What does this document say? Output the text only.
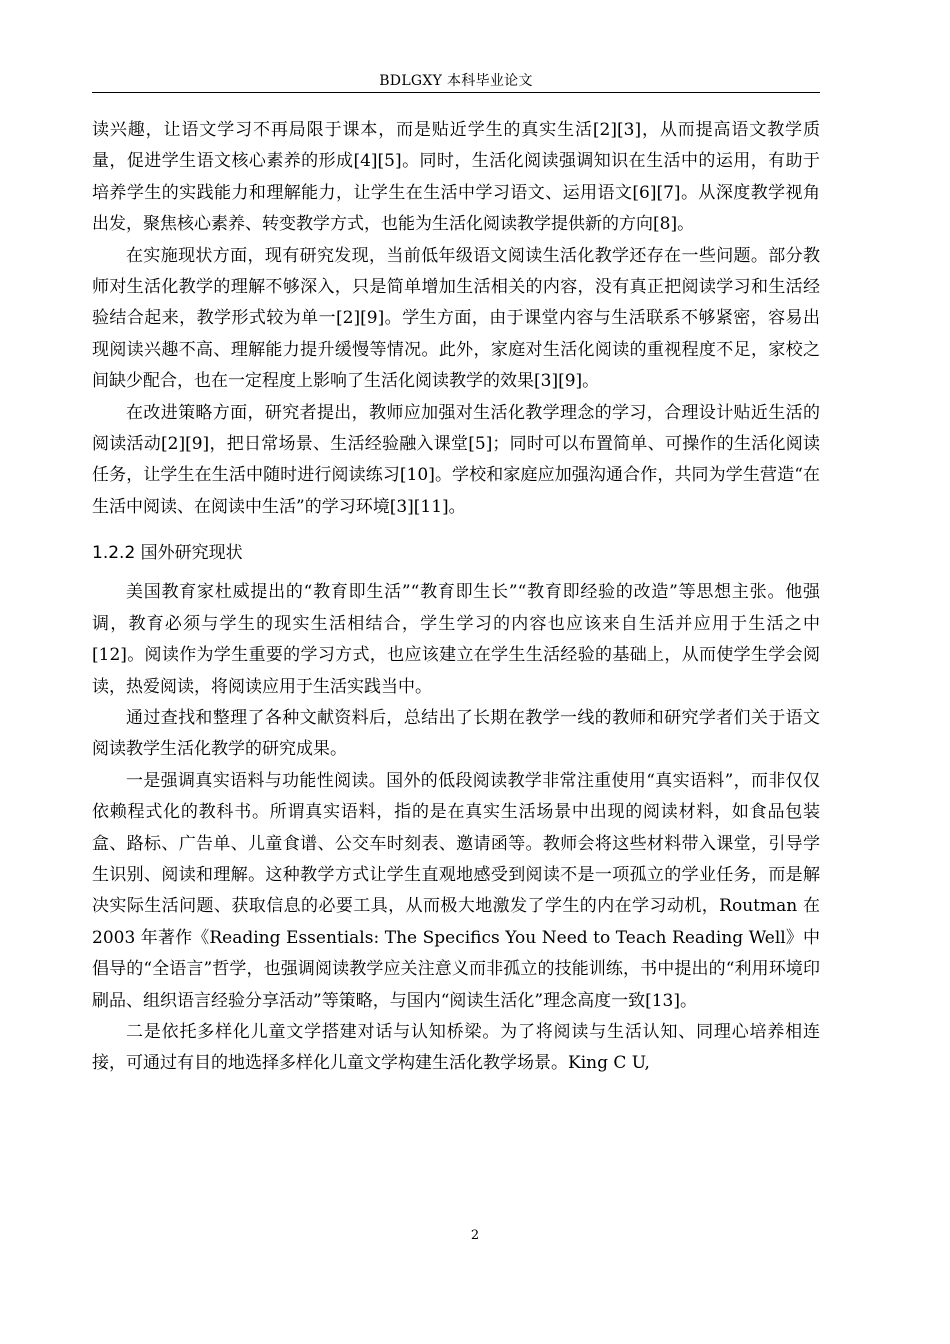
BDLGXY 本科毕业论文

读兴趣，让语文学习不再局限于课本，而是贴近学生的真实生活[2][3]，从而提高语文教学质量，促进学生语文核心素养的形成[4][5]。同时，生活化阅读强调知识在生活中的运用，有助于培养学生的实践能力和理解能力，让学生在生活中学习语文、运用语文[6][7]。从深度教学视角出发，聚焦核心素养、转变教学方式，也能为生活化阅读教学提供新的方向[8]。

在实施现状方面，现有研究发现，当前低年级语文阅读生活化教学还存在一些问题。部分教师对生活化教学的理解不够深入，只是简单增加生活相关的内容，没有真正把阅读学习和生活经验结合起来，教学形式较为单一[2][9]。学生方面，由于课堂内容与生活联系不够紧密，容易出现阅读兴趣不高、理解能力提升缓慢等情况。此外，家庭对生活化阅读的重视程度不足，家校之间缺少配合，也在一定程度上影响了生活化阅读教学的效果[3][9]。

在改进策略方面，研究者提出，教师应加强对生活化教学理念的学习，合理设计贴近生活的阅读活动[2][9]，把日常场景、生活经验融入课堂[5]；同时可以布置简单、可操作的生活化阅读任务，让学生在生活中随时进行阅读练习[10]。学校和家庭应加强沟通合作，共同为学生营造“在生活中阅读、在阅读中生活”的学习环境[3][11]。

1.2.2 国外研究现状

美国教育家杜威提出的“教育即生活”“教育即生长”“教育即经验的改造”等思想主张。他强调，教育必须与学生的现实生活相结合，学生学习的内容也应该来自生活并应用于生活之中[12]。阅读作为学生重要的学习方式，也应该建立在学生生活经验的基础上，从而使学生学会阅读，热爱阅读，将阅读应用于生活实践当中。

通过查找和整理了各种文献资料后，总结出了长期在教学一线的教师和研究学者们关于语文阅读教学生活化教学的研究成果。

一是强调真实语料与功能性阅读。国外的低段阅读教学非常注重使用“真实语料”，而非仅仅依赖程式化的教科书。所谓真实语料，指的是在真实生活场景中出现的阅读材料，如食品包装盒、路标、广告单、儿童食谱、公交车时刻表、邀请函等。教师会将这些材料带入课堂，引导学生识别、阅读和理解。这种教学方式让学生直观地感受到阅读不是一项孤立的学业任务，而是解决实际生活问题、获取信息的必要工具，从而极大地激发了学生的内在学习动机，Routman 在 2003 年著作《Reading Essentials: The Specifics You Need to Teach Reading Well》中倡导的“全语言”哲学，也强调阅读教学应关注意义而非孤立的技能训练，书中提出的“利用环境印刷品、组织语言经验分享活动”等策略，与国内“阅读生活化”理念高度一致[13]。

二是依托多样化儿童文学搭建对话与认知桥梁。为了将阅读与生活认知、同理心培养相连接，可通过有目的地选择多样化儿童文学构建生活化教学场景。King C U,

2
